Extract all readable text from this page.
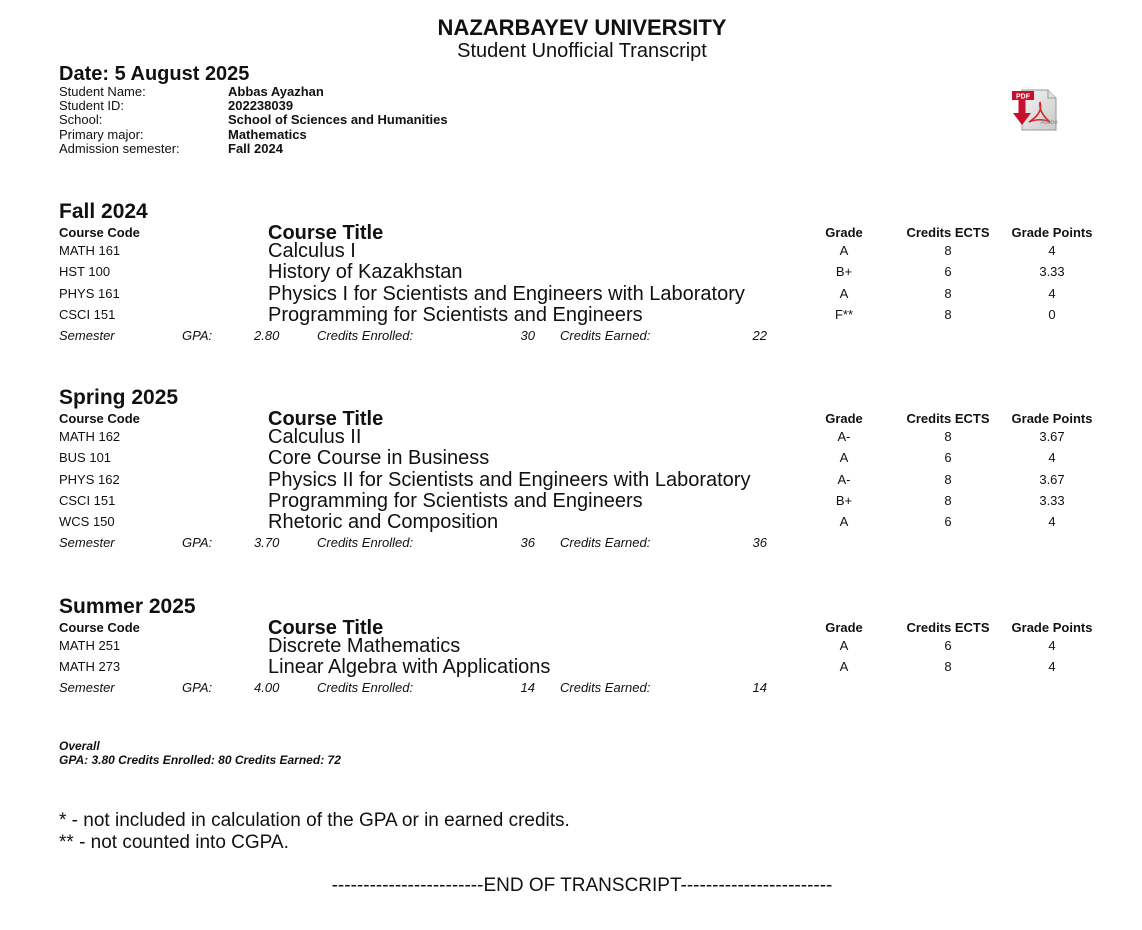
NAZARBAYEV UNIVERSITY
Student Unofficial Transcript
Date: 5 August 2025
Student Name:	Abbas Ayazhan
Student ID:	202238039
School:	School of Sciences and Humanities
Primary major:	Mathematics
Admission semester:	Fall 2024
PDF
Adobe
Fall 2024
Course Code	Course Title	Grade	Credits ECTS	Grade Points
MATH 161	Calculus I	A	8	4
HST 100	History of Kazakhstan	B+	6	3.33
PHYS 161	Physics I for Scientists and Engineers with Laboratory	A	8	4
CSCI 151	Programming for Scientists and Engineers	F**	8	0
Semester	GPA:	2.80	Credits Enrolled:	30 Credits Earned:	22
Spring 2025
Course Code	Course Title	Grade	Credits ECTS	Grade Points
MATH 162	Calculus II	A-	8	3.67
BUS 101	Core Course in Business	A	6	4
PHYS 162	Physics II for Scientists and Engineers with Laboratory	A-	8	3.67
CSCI 151	Programming for Scientists and Engineers	B+	8	3.33
WCS 150	Rhetoric and Composition	A	6	4
Semester	GPA:	3.70	Credits Enrolled:	36 Credits Earned:	36
Summer 2025
Course Code	Course Title	Grade	Credits ECTS	Grade Points
MATH 251	Discrete Mathematics	A	6	4
MATH 273	Linear Algebra with Applications	A	8	4
Semester	GPA:	4.00	Credits Enrolled:	14 Credits Earned:	14
Overall
GPA: 3.80 Credits Enrolled: 80 Credits Earned: 72
* - not included in calculation of the GPA or in earned credits.
** - not counted into CGPA.
------------------------END OF TRANSCRIPT------------------------
